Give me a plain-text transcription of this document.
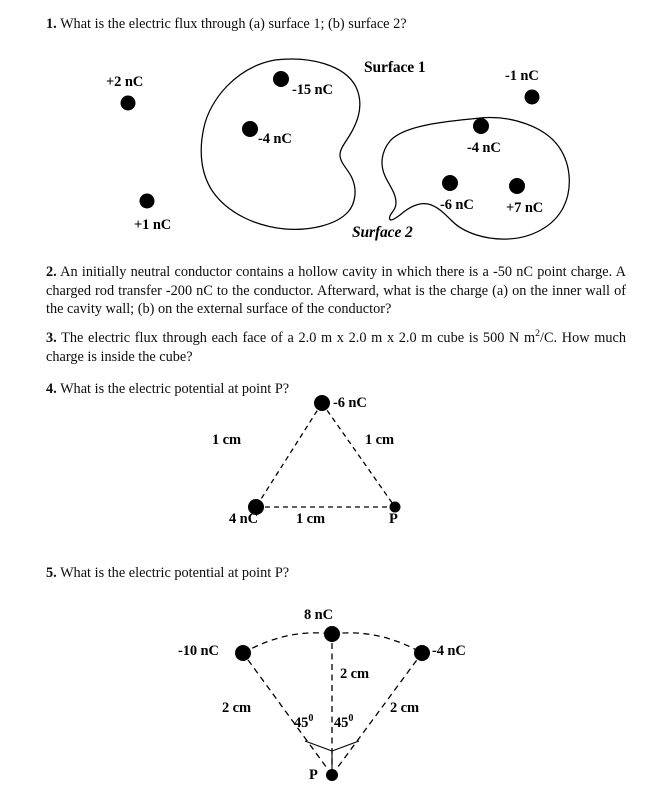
1. What is the electric flux through (a) surface 1; (b) surface 2?
+2 nC
+1 nC
-15 nC
-4 nC
-1 nC
-4 nC
-6 nC +7 nC
Surface 1
Surface 2
2. An initially neutral conductor contains a hollow cavity in which there is a -50 nC point charge. A charged rod transfer -200 nC to the conductor. Afterward, what is the charge (a) on the inner wall of the cavity wall; (b) on the external surface of the conductor?
3. The electric flux through each face of a 2.0 m x 2.0 m x 2.0 m cube is 500 N $m^2/C$. How much charge is inside the cube?
4. What is the electric potential at point P?
-6 nC
1 cm	1 cm
1 cm
4 nC	P
5. What is the electric potential at point P?
8 nC
-10 nC	-4 nC
2 cm
2 cm	2 cm
$45^0$ $45^0$
P
